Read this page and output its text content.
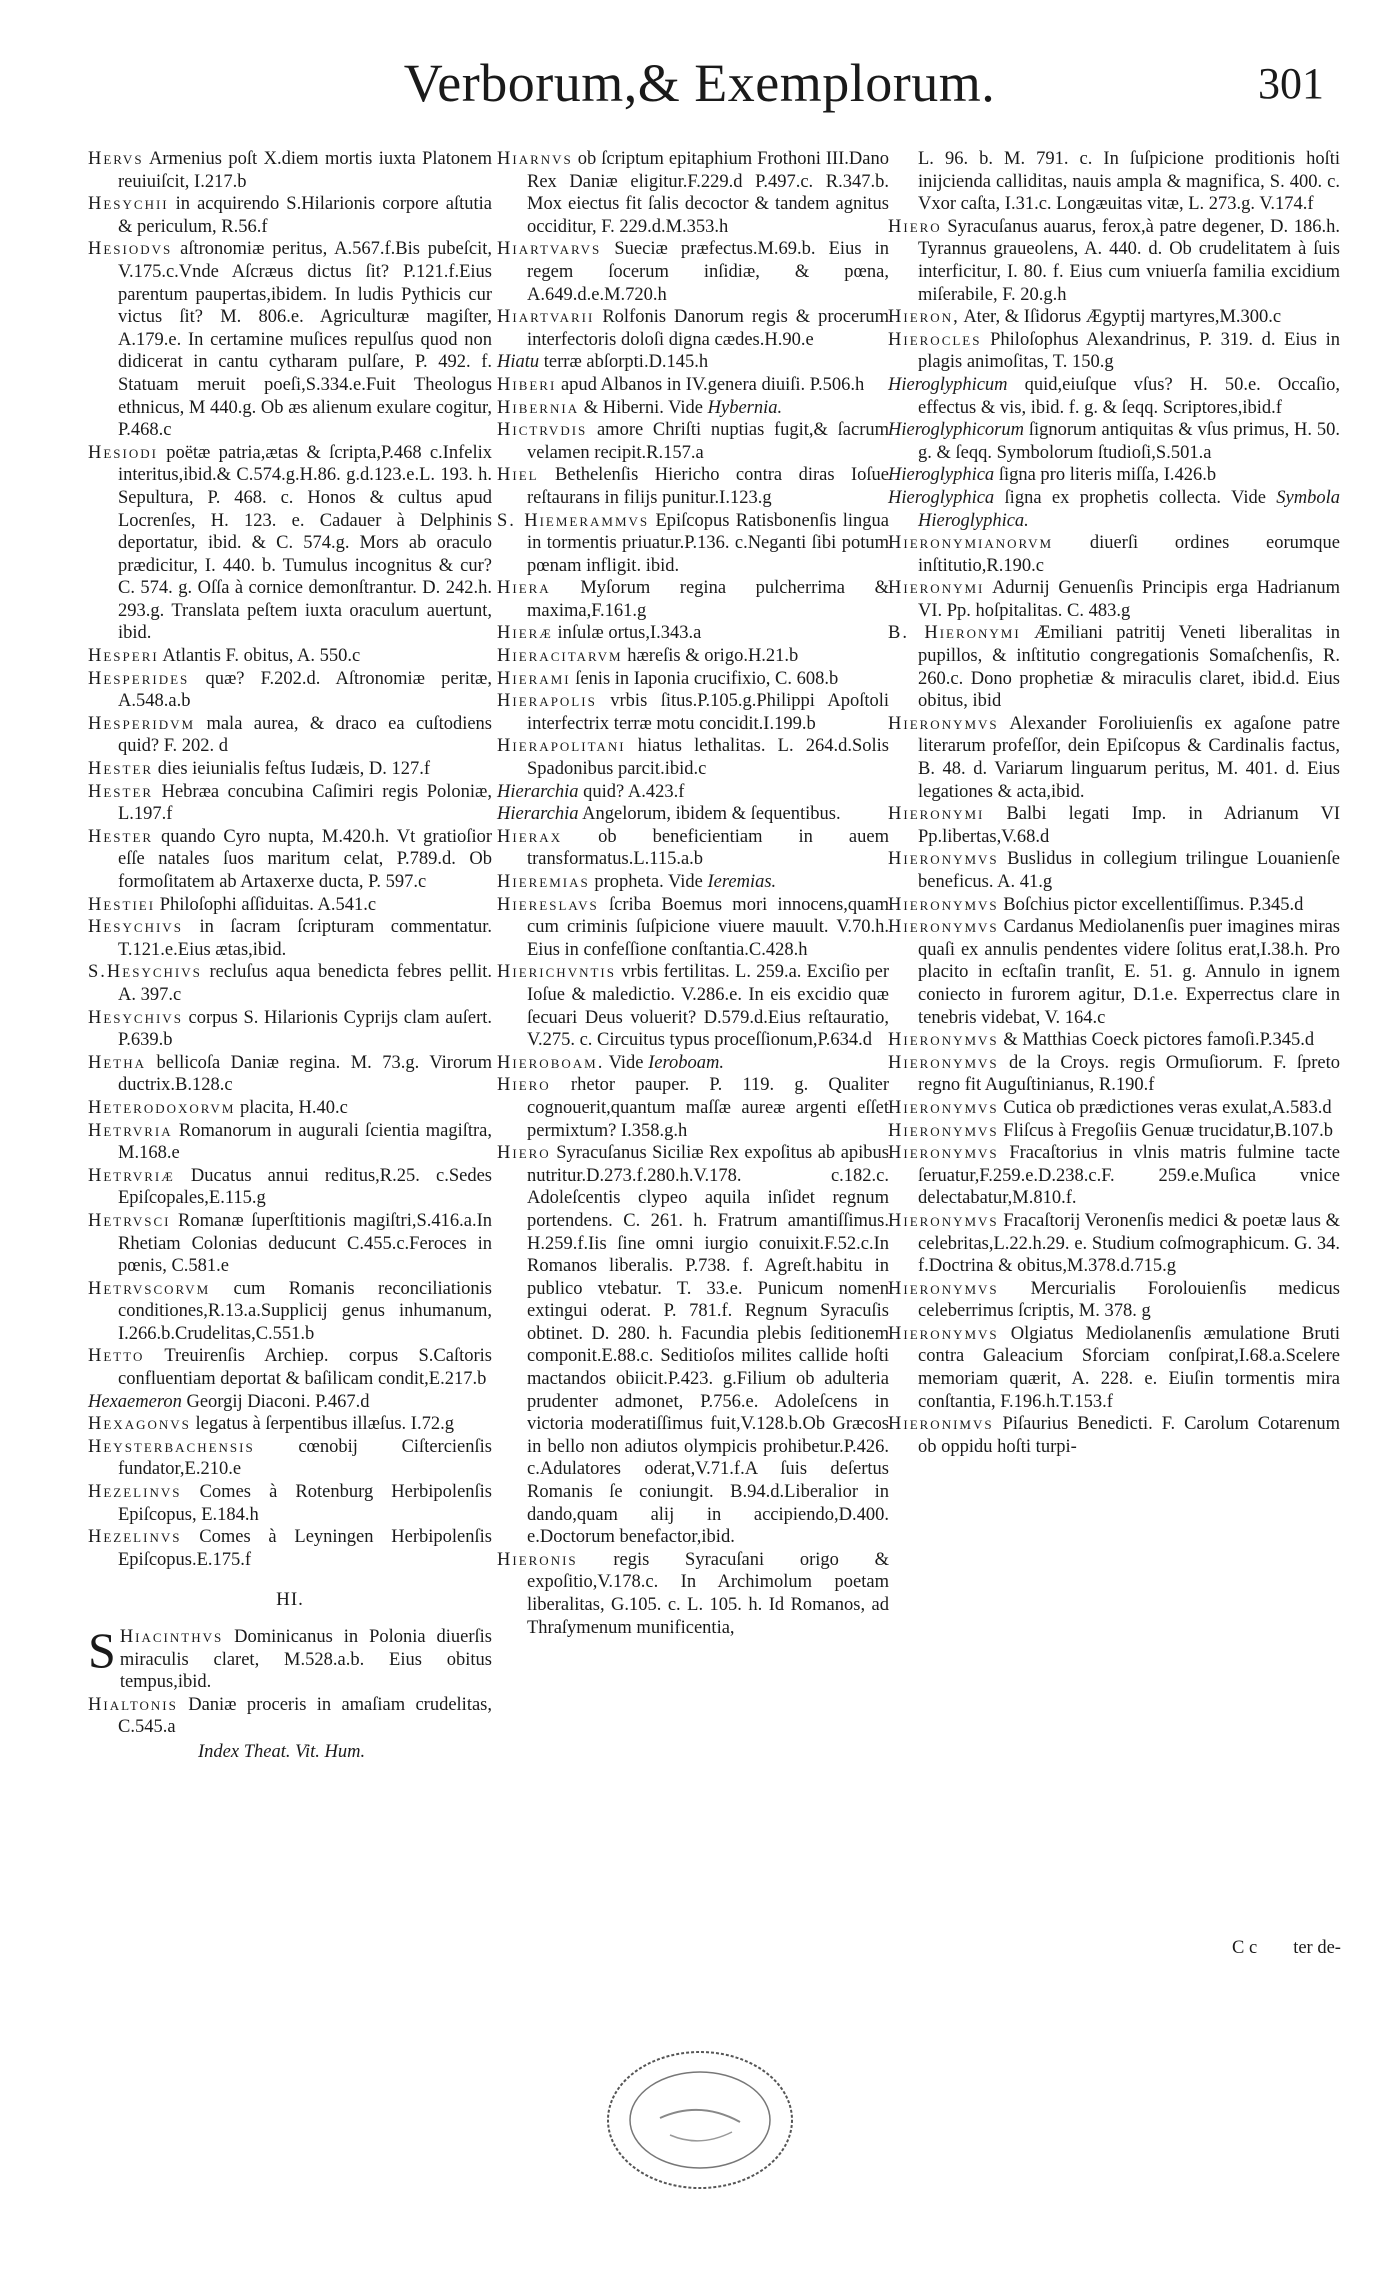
Verborum,& Exemplorum.	301

Hervs Armenius poſt X.diem mortis iuxta Platonem reuiuiſcit, I.217.b

Hesychii in acquirendo S.Hilarionis corpore aſtutia & periculum, R.56.f

Hesiodvs aſtronomiæ peritus, A.567.f.Bis pubeſcit, V.175.c.Vnde Aſcræus dictus ſit? P.121.f.Eius parentum paupertas,ibidem. In ludis Pythicis cur victus ſit? M. 806.e. Agriculturæ magiſter, A.179.e. In certamine muſices repulſus quod non didicerat in cantu cytharam pulſare, P. 492. f. Statuam meruit poeſi,S.334.e.Fuit Theologus ethnicus, M 440.g. Ob æs alienum exulare cogitur, P.468.c

Hesiodi poëtæ patria,ætas & ſcripta,P.468 c.Infelix interitus,ibid.& C.574.g.H.86. g.d.123.e.L. 193. h. Sepultura, P. 468. c. Honos & cultus apud Locrenſes, H. 123. e. Cadauer à Delphinis deportatur, ibid. & C. 574.g. Mors ab oraculo prædicitur, I. 440. b. Tumulus incognitus & cur? C. 574. g. Oſſa à cornice demonſtrantur. D. 242.h. 293.g. Translata peſtem iuxta oraculum auertunt, ibid.

Hesperi Atlantis F. obitus, A. 550.c

Hesperides quæ? F.202.d. Aſtronomiæ peritæ, A.548.a.b

Hesperidvm mala aurea, & draco ea cuſtodiens quid? F. 202. d

Hester dies ieiunialis feſtus Iudæis, D. 127.f

Hester Hebræa concubina Caſimiri regis Poloniæ, L.197.f

Hester quando Cyro nupta, M.420.h. Vt gratioſior eſſe natales ſuos maritum celat, P.789.d. Ob formoſitatem ab Artaxerxe ducta, P. 597.c

Hestiei Philoſophi aſſiduitas. A.541.c

Hesychivs in ſacram ſcripturam commentatur. T.121.e.Eius ætas,ibid.

S.Hesychivs recluſus aqua benedicta febres pellit. A. 397.c

Hesychivs corpus S. Hilarionis Cyprijs clam auſert. P.639.b

Hetha bellicoſa Daniæ regina. M. 73.g. Virorum ductrix.B.128.c

Heterodoxorvm placita, H.40.c

Hetrvria Romanorum in augurali ſcientia magiſtra, M.168.e

Hetrvriæ Ducatus annui reditus,R.25. c.Sedes Epiſcopales,E.115.g

Hetrvsci Romanæ ſuperſtitionis magiſtri,S.416.a.In Rhetiam Colonias deducunt C.455.c.Feroces in pœnis, C.581.e

Hetrvscorvm cum Romanis reconciliationis conditiones,R.13.a.Supplicij genus inhumanum, I.266.b.Crudelitas,C.551.b

Hetto Treuirenſis Archiep. corpus S.Caſtoris confluentiam deportat & baſilicam condit,E.217.b

Hexaemeron Georgij Diaconi. P.467.d

Hexagonvs legatus à ſerpentibus illæſus. I.72.g

Heysterbachensis cœnobij Ciſtercienſis fundator,E.210.e

Hezelinvs Comes à Rotenburg Herbipolenſis Epiſcopus, E.184.h

Hezelinvs Comes à Leyningen Herbipolenſis Epiſcopus.E.175.f

HI.

S Hiacinthvs Dominicanus in Polonia diuerſis miraculis claret, M.528.a.b. Eius obitus tempus,ibid.

Hialtonis Daniæ proceris in amaſiam crudelitas, C.545.a

Index Theat. Vit. Hum.

Hiarnvs ob ſcriptum epitaphium Frothoni III.Dano Rex Daniæ eligitur.F.229.d P.497.c. R.347.b. Mox eiectus fit ſalis decoctor & tandem agnitus occiditur, F. 229.d.M.353.h

Hiartvarvs Sueciæ præfectus.M.69.b. Eius in regem ſocerum inſidiæ, & pœna, A.649.d.e.M.720.h

Hiartvarii Rolfonis Danorum regis & procerum interfectoris doloſi digna cædes.H.90.e

Hiatu terræ abſorpti.D.145.h

Hiberi apud Albanos in IV.genera diuiſi. P.506.h

Hibernia & Hiberni. Vide Hybernia.

Hictrvdis amore Chriſti nuptias fugit,& ſacrum velamen recipit.R.157.a

Hiel Bethelenſis Hiericho contra diras Ioſue reſtaurans in filijs punitur.I.123.g

S. Hiemerammvs Epiſcopus Ratisbonenſis lingua in tormentis priuatur.P.136. c.Neganti ſibi potum pœnam infligit. ibid.

Hiera Myſorum regina pulcherrima & maxima,F.161.g

Hieræ inſulæ ortus,I.343.a

Hieracitarvm hæreſis & origo.H.21.b

Hierami ſenis in Iaponia crucifixio, C. 608.b

Hierapolis vrbis ſitus.P.105.g.Philippi Apoſtoli interfectrix terræ motu concidit.I.199.b

Hierapolitani hiatus lethalitas. L. 264.d.Solis Spadonibus parcit.ibid.c

Hierarchia quid? A.423.f

Hierarchia Angelorum, ibidem & ſequentibus.

Hierax ob beneficientiam in auem transformatus.L.115.a.b

Hieremias propheta. Vide Ieremias.

Hiereslavs ſcriba Boemus mori innocens,quam cum criminis ſuſpicione viuere mauult. V.70.h. Eius in confeſſione conſtantia.C.428.h

Hierichvntis vrbis fertilitas. L. 259.a. Exciſio per Ioſue & maledictio. V.286.e. In eis excidio quæ ſecuari Deus voluerit? D.579.d.Eius reſtauratio, V.275. c. Circuitus typus proceſſionum,P.634.d

Hieroboam. Vide Ieroboam.

Hiero rhetor pauper. P. 119. g. Qualiter cognouerit,quantum maſſæ aureæ argenti eſſet permixtum? I.358.g.h

Hiero Syracuſanus Siciliæ Rex expoſitus ab apibus nutritur.D.273.f.280.h.V.178. c.182.c. Adoleſcentis clypeo aquila inſidet regnum portendens. C. 261. h. Fratrum amantiſſimus. H.259.f.Iis ſine omni iurgio conuixit.F.52.c.In Romanos liberalis. P.738. f. Agreſt.habitu in publico vtebatur. T. 33.e. Punicum nomen extingui oderat. P. 781.f. Regnum Syracuſis obtinet. D. 280. h. Facundia plebis ſeditionem componit.E.88.c. Seditioſos milites callide hoſti mactandos obiicit.P.423. g.Filium ob adulteria prudenter admonet, P.756.e. Adoleſcens in victoria moderatiſſimus fuit,V.128.b.Ob Græcos in bello non adiutos olympicis prohibetur.P.426. c.Adulatores oderat,V.71.f.A ſuis deſertus Romanis ſe coniungit. B.94.d.Liberalior in dando,quam alij in accipiendo,D.400. e.Doctorum benefactor,ibid.

Hieronis regis Syracuſani origo & expoſitio,V.178.c. In Archimolum poetam liberalitas, G.105. c. L. 105. h. Id Romanos, ad Thraſymenum munificentia,

L. 96. b. M. 791. c. In ſuſpicione proditionis hoſti inijcienda calliditas, nauis ampla & magnifica, S. 400. c. Vxor caſta, I.31.c. Longæuitas vitæ, L. 273.g. V.174.f

Hiero Syracuſanus auarus, ferox,à patre degener, D. 186.h. Tyrannus graueolens, A. 440. d. Ob crudelitatem à ſuis interficitur, I. 80. f. Eius cum vniuerſa familia excidium miſerabile, F. 20.g.h

Hieron, Ater, & Iſidorus Ægyptij martyres,M.300.c

Hierocles Philoſophus Alexandrinus, P. 319. d. Eius in plagis animoſitas, T. 150.g

Hieroglyphicum quid,eiuſque vſus? H. 50.e. Occaſio, effectus & vis, ibid. f. g. & ſeqq. Scriptores,ibid.f

Hieroglyphicorum ſignorum antiquitas & vſus primus, H. 50. g. & ſeqq. Symbolorum ſtudioſi,S.501.a

Hieroglyphica ſigna pro literis miſſa, I.426.b

Hieroglyphica ſigna ex prophetis collecta. Vide Symbola Hieroglyphica.

Hieronymianorvm diuerſi ordines eorumque inſtitutio,R.190.c

Hieronymi Adurnij Genuenſis Principis erga Hadrianum VI. Pp. hoſpitalitas. C. 483.g

B. Hieronymi Æmiliani patritij Veneti liberalitas in pupillos, & inſtitutio congregationis Somaſchenſis, R. 260.c. Dono prophetiæ & miraculis claret, ibid.d. Eius obitus, ibid

Hieronymvs Alexander Foroliuienſis ex agaſone patre literarum profeſſor, dein Epiſcopus & Cardinalis factus, B. 48. d. Variarum linguarum peritus, M. 401. d. Eius legationes & acta,ibid.

Hieronymi Balbi legati Imp. in Adrianum VI Pp.libertas,V.68.d

Hieronymvs Buslidus in collegium trilingue Louanienſe beneficus. A. 41.g

Hieronymvs Boſchius pictor excellentiſſimus. P.345.d

Hieronymvs Cardanus Mediolanenſis puer imagines miras quaſi ex annulis pendentes videre ſolitus erat,I.38.h. Pro placito in ecſtaſin tranſit, E. 51. g. Annulo in ignem coniecto in furorem agitur, D.1.e. Experrectus clare in tenebris videbat, V. 164.c

Hieronymvs & Matthias Coeck pictores famoſi.P.345.d

Hieronymvs de la Croys. regis Ormuſiorum. F. ſpreto regno fit Auguſtinianus, R.190.f

Hieronymvs Cutica ob prædictiones veras exulat,A.583.d

Hieronymvs Fliſcus à Fregoſiis Genuæ trucidatur,B.107.b

Hieronymvs Fracaſtorius in vlnis matris fulmine tacte ſeruatur,F.259.e.D.238.c.F. 259.e.Muſica vnice delectabatur,M.810.f.

Hieronymvs Fracaſtorij Veronenſis medici & poetæ laus & celebritas,L.22.h.29. e. Studium coſmographicum. G. 34. f.Doctrina & obitus,M.378.d.715.g

Hieronymvs Mercurialis Forolouienſis medicus celeberrimus ſcriptis, M. 378. g

Hieronymvs Olgiatus Mediolanenſis æmulatione Bruti contra Galeacium Sforciam conſpirat,I.68.a.Scelere memoriam quærit, A. 228. e. Eiuſin tormentis mira conſtantia, F.196.h.T.153.f

Hieronimvs Piſaurius Benedicti. F. Carolum Cotarenum ob oppidu hoſti turpi-

C c ter de-
